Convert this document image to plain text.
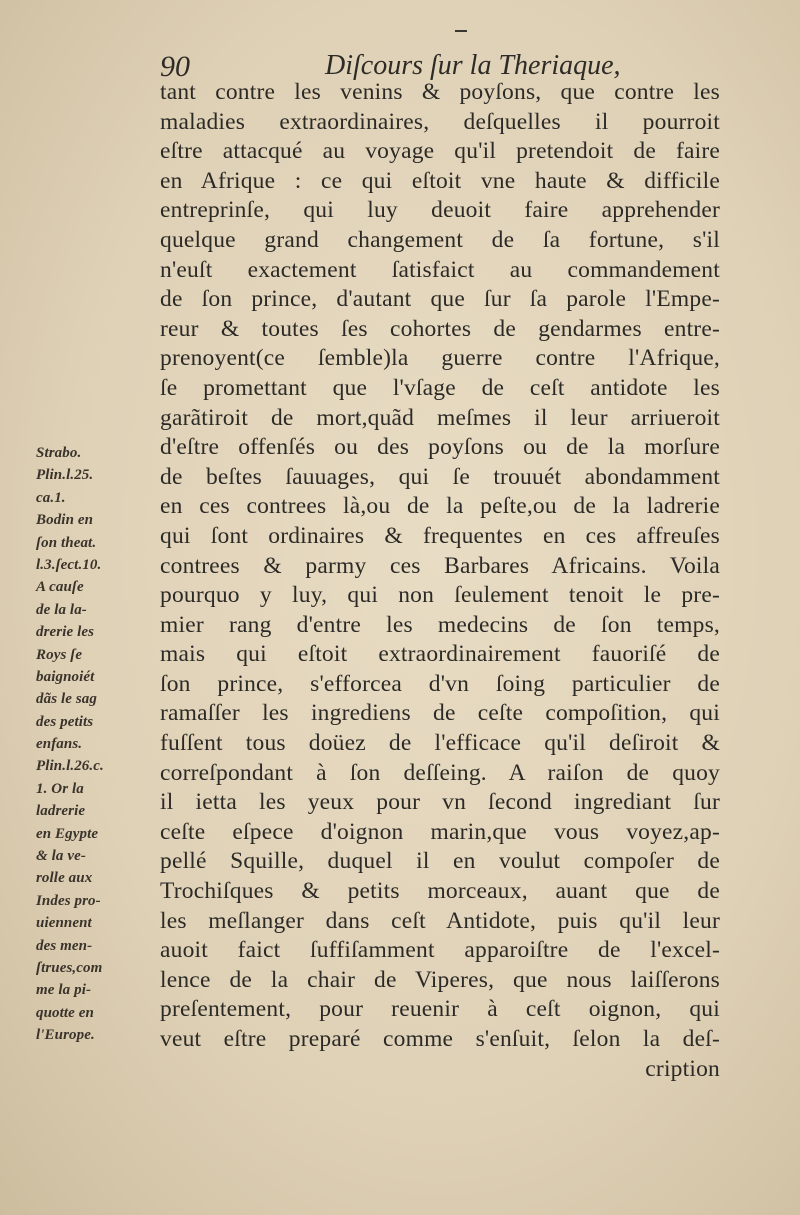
90	Diſcours ſur la Theriaque,
tant contre les venins & poyſons, que contre les
maladies extraordinaires, deſquelles il pourroit
eſtre attacqué au voyage qu'il pretendoit de faire
en Afrique : ce qui eſtoit vne haute & difficile
entreprinſe, qui luy deuoit faire apprehender
quelque grand changement de ſa fortune, s'il
n'euſt exactement ſatisfaict au commandement
de ſon prince, d'autant que ſur ſa parole l'Empe-
reur & toutes ſes cohortes de gendarmes entre-
prenoyent(ce ſemble)la guerre contre l'Afrique,
ſe promettant que l'vſage de ceſt antidote les
garãtiroit de mort,quãd meſmes il leur arriueroit
d'eſtre offenſés ou des poyſons ou de la morſure
de beſtes ſauuages, qui ſe trouuét abondamment
en ces contrees là,ou de la peſte,ou de la ladrerie
qui ſont ordinaires & frequentes en ces affreuſes
contrees & parmy ces Barbares Africains. Voila
pourquo y luy, qui non ſeulement tenoit le pre-
mier rang d'entre les medecins de ſon temps,
mais qui eſtoit extraordinairement fauoriſé de
ſon prince, s'efforcea d'vn ſoing particulier de
ramaſſer les ingrediens de ceſte compoſition, qui
fuſſent tous doüez de l'efficace qu'il deſiroit &
correſpondant à ſon deſſeing. A raiſon de quoy
il ietta les yeux pour vn ſecond ingrediant ſur
ceſte eſpece d'oignon marin,que vous voyez,ap-
pellé Squille, duquel il en voulut compoſer de
Trochiſques & petits morceaux, auant que de
les meſlanger dans ceſt Antidote, puis qu'il leur
auoit faict ſuffiſamment apparoiſtre de l'excel-
lence de la chair de Viperes, que nous laiſſerons
preſentement, pour reuenir à ceſt oignon, qui
veut eſtre preparé comme s'enſuit, ſelon la deſ-
cription
Strabo.
Plin.l.25.
ca.1.
Bodin en
ſon theat.
l.3.ſect.10.
A cauſe
de la la-
drerie les
Roys ſe
baignoiét
dãs le sag
des petits
enfans.
Plin.l.26.c.
1. Or la
ladrerie
en Egypte
& la ve-
rolle aux
Indes pro-
uiennent
des men-
ſtrues,com
me la pi-
quotte en
l'Europe.
